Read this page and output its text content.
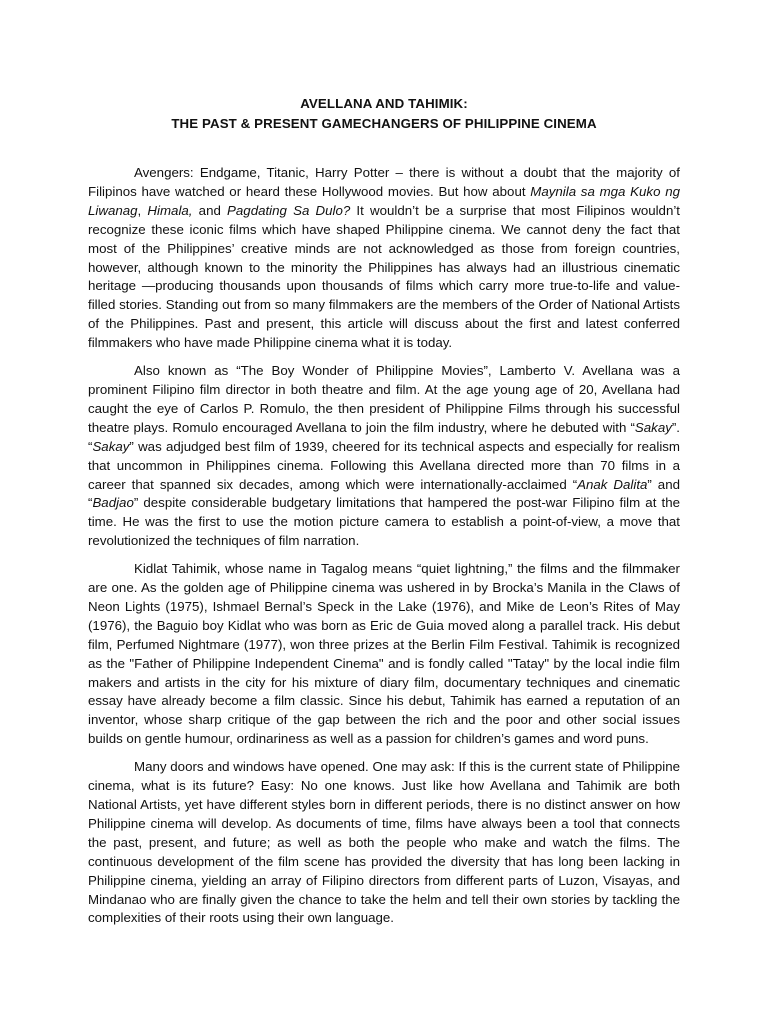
AVELLANA AND TAHIMIK:

THE PAST & PRESENT GAMECHANGERS OF PHILIPPINE CINEMA

Avengers: Endgame, Titanic, Harry Potter – there is without a doubt that the majority of Filipinos have watched or heard these Hollywood movies. But how about Maynila sa mga Kuko ng Liwanag, Himala, and Pagdating Sa Dulo? It wouldn’t be a surprise that most Filipinos wouldn’t recognize these iconic films which have shaped Philippine cinema. We cannot deny the fact that most of the Philippines’ creative minds are not acknowledged as those from foreign countries, however, although known to the minority the Philippines has always had an illustrious cinematic heritage —producing thousands upon thousands of films which carry more true-to-life and value-filled stories. Standing out from so many filmmakers are the members of the Order of National Artists of the Philippines. Past and present, this article will discuss about the first and latest conferred filmmakers who have made Philippine cinema what it is today.

Also known as “The Boy Wonder of Philippine Movies”, Lamberto V. Avellana was a prominent Filipino film director in both theatre and film. At the age young age of 20, Avellana had caught the eye of Carlos P. Romulo, the then president of Philippine Films through his successful theatre plays. Romulo encouraged Avellana to join the film industry, where he debuted with “Sakay”. “Sakay” was adjudged best film of 1939, cheered for its technical aspects and especially for realism that uncommon in Philippines cinema. Following this Avellana directed more than 70 films in a career that spanned six decades, among which were internationally-acclaimed “Anak Dalita” and “Badjao” despite considerable budgetary limitations that hampered the post-war Filipino film at the time. He was the first to use the motion picture camera to establish a point-of-view, a move that revolutionized the techniques of film narration.

Kidlat Tahimik, whose name in Tagalog means “quiet lightning,” the films and the filmmaker are one. As the golden age of Philippine cinema was ushered in by Brocka’s Manila in the Claws of Neon Lights (1975), Ishmael Bernal’s Speck in the Lake (1976), and Mike de Leon’s Rites of May (1976), the Baguio boy Kidlat who was born as Eric de Guia moved along a parallel track. His debut film, Perfumed Nightmare (1977), won three prizes at the Berlin Film Festival. Tahimik is recognized as the "Father of Philippine Independent Cinema" and is fondly called "Tatay" by the local indie film makers and artists in the city for his mixture of diary film, documentary techniques and cinematic essay have already become a film classic. Since his debut, Tahimik has earned a reputation of an inventor, whose sharp critique of the gap between the rich and the poor and other social issues builds on gentle humour, ordinariness as well as a passion for children’s games and word puns.

Many doors and windows have opened. One may ask: If this is the current state of Philippine cinema, what is its future? Easy: No one knows. Just like how Avellana and Tahimik are both National Artists, yet have different styles born in different periods, there is no distinct answer on how Philippine cinema will develop. As documents of time, films have always been a tool that connects the past, present, and future; as well as both the people who make and watch the films. The continuous development of the film scene has provided the diversity that has long been lacking in Philippine cinema, yielding an array of Filipino directors from different parts of Luzon, Visayas, and Mindanao who are finally given the chance to take the helm and tell their own stories by tackling the complexities of their roots using their own language.
